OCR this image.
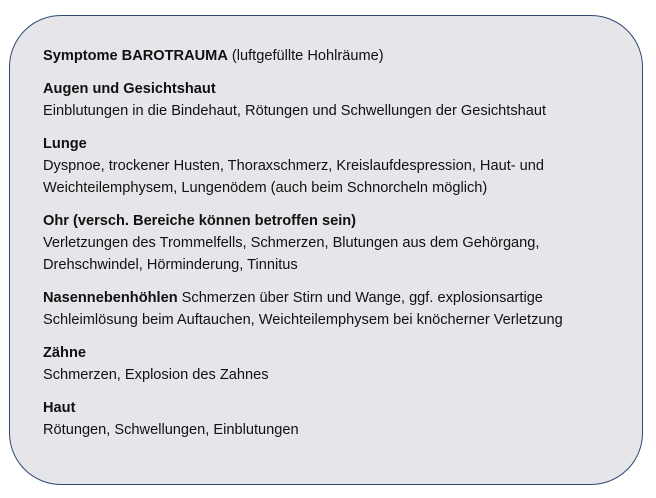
Symptome BAROTRAUMA (luftgefüllte Hohlräume)
Augen und Gesichtshaut
Einblutungen in die Bindehaut, Rötungen und Schwellungen der Gesichtshaut
Lunge
Dyspnoe, trockener Husten, Thoraxschmerz, Kreislaufdespression, Haut- und
Weichteilemphysem, Lungenödem (auch beim Schnorcheln möglich)
Ohr (versch. Bereiche können betroffen sein)
Verletzungen des Trommelfells, Schmerzen, Blutungen aus dem Gehörgang,
Drehschwindel, Hörminderung, Tinnitus
Nasennebenhöhlen Schmerzen über Stirn und Wange, ggf. explosionsartige
Schleimlösung beim Auftauchen, Weichteilemphysem bei knöcherner Verletzung
Zähne
Schmerzen, Explosion des Zahnes
Haut
Rötungen, Schwellungen, Einblutungen
